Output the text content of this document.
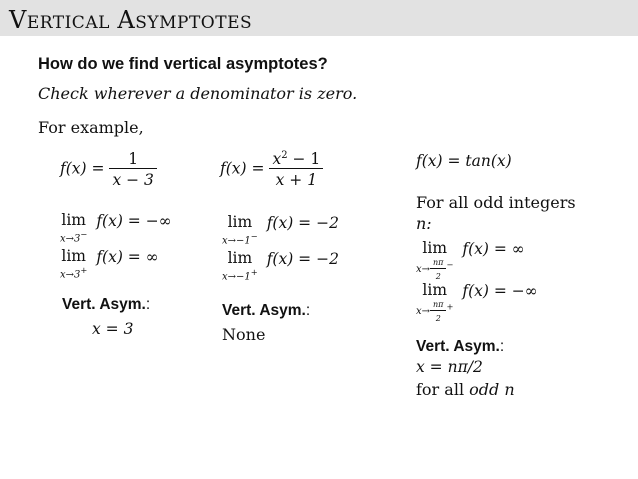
VERTICAL ASYMPTOTES
How do we find vertical asymptotes?
Check wherever a denominator is zero.
For example,
$f(x) = \frac{1}{x - 3}$
lim
x→3−
f(x) = −∞
lim
x→3+
f(x) = ∞
Vert. Asym.:
x = 3
$f(x) = \frac{x^2 - 1}{x + 1}$
lim
x→−1−
f(x) = −2
lim
x→−1+
f(x) = −2
Vert. Asym.:
None
f(x) = tan(x)
For all odd integers
n:
lim
$x\to \frac{n\pi}{2} ^-$
f(x) = ∞
lim
$x\to \frac{n\pi}{2} ^+$
f(x) = −∞
Vert. Asym.:
x = nπ/2
for all odd n
